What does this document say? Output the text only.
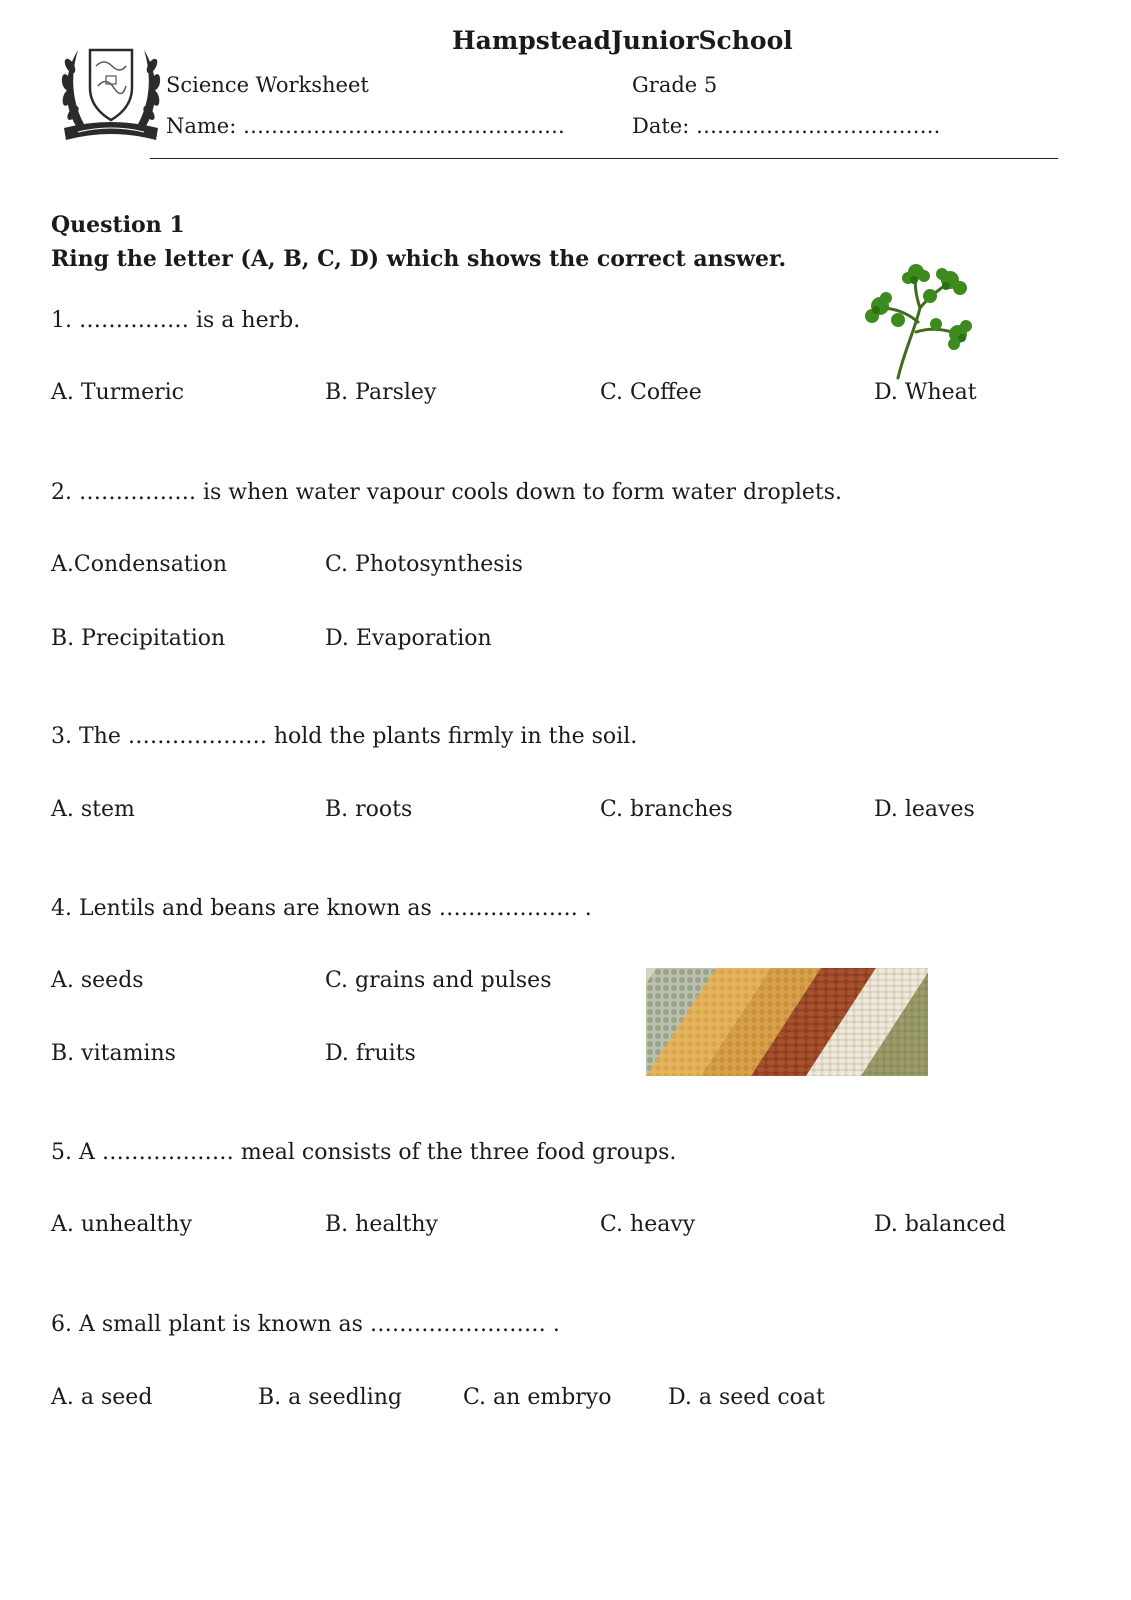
HampsteadJuniorSchool
Science Worksheet	Grade 5
Name: ……………………………………….	Date: …………………….……….
Question 1
Ring the letter (A, B, C, D) which shows the correct answer.
1. …………… is a herb.
A. Turmeric	B. Parsley	C. Coffee	D. Wheat
2. ……………. is when water vapour cools down to form water droplets.
A.Condensation	C. Photosynthesis
B. Precipitation	D. Evaporation
3. The ………………. hold the plants firmly in the soil.
A. stem	B. roots	C. branches	D. leaves
4. Lentils and beans are known as ………………. .
A. seeds	C. grains and pulses
B. vitamins	D. fruits
5. A ……………… meal consists of the three food groups.
A. unhealthy	B. healthy	C. heavy	D. balanced
6. A small plant is known as …………………… .
A. a seed	B. a seedling	C. an embryo	D. a seed coat
